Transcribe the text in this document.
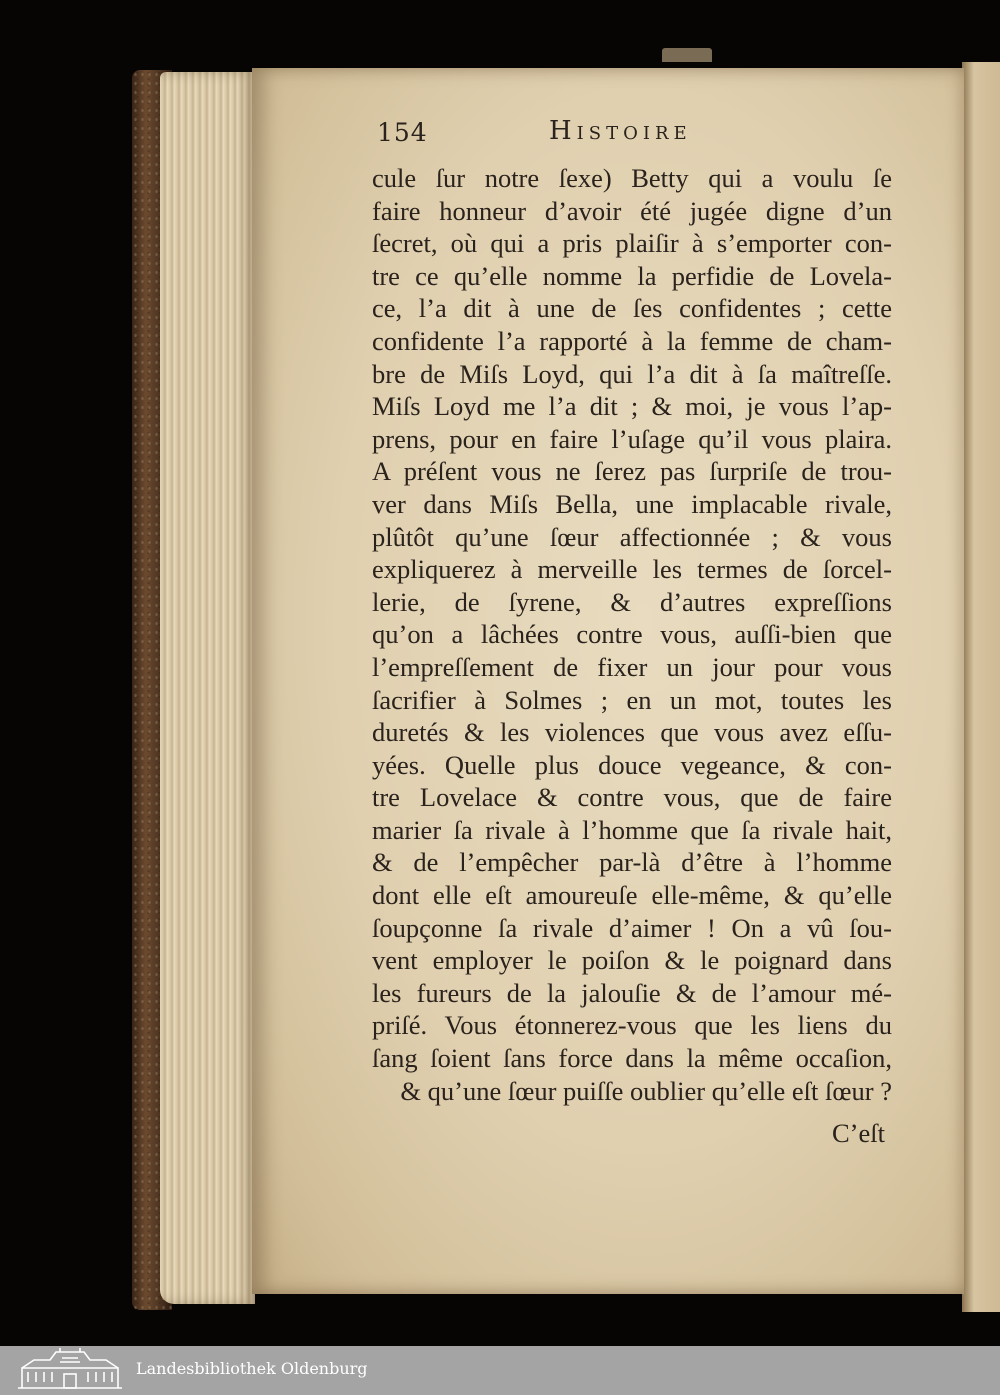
154	Histoire
cule ſur notre ſexe) Betty qui a voulu ſe
faire honneur d’avoir été jugée digne d’un
ſecret, où qui a pris plaiſir à s’emporter con-
tre ce qu’elle nomme la perfidie de Lovela-
ce, l’a dit à une de ſes confidentes ; cette
confidente l’a rapporté à la femme de cham-
bre de Miſs Loyd, qui l’a dit à ſa maîtreſſe.
Miſs Loyd me l’a dit ; & moi, je vous l’ap-
prens, pour en faire l’uſage qu’il vous plaira.
A préſent vous ne ſerez pas ſurpriſe de trou-
ver dans Miſs Bella, une implacable rivale,
plûtôt qu’une ſœur affectionnée ; & vous
expliquerez à merveille les termes de ſorcel-
lerie, de ſyrene, & d’autres expreſſions
qu’on a lâchées contre vous, auſſi-bien que
l’empreſſement de fixer un jour pour vous
ſacrifier à Solmes ; en un mot, toutes les
duretés & les violences que vous avez eſſu-
yées. Quelle plus douce vegeance, & con-
tre Lovelace & contre vous, que de faire
marier ſa rivale à l’homme que ſa rivale hait,
& de l’empêcher par-là d’être à l’homme
dont elle eſt amoureuſe elle-même, & qu’elle
ſoupçonne ſa rivale d’aimer ! On a vû ſou-
vent employer le poiſon & le poignard dans
les fureurs de la jalouſie & de l’amour mé-
priſé. Vous étonnerez-vous que les liens du
ſang ſoient ſans force dans la même occaſion,
& qu’une ſœur puiſſe oublier qu’elle eſt ſœur ?
C’eſt
Landesbibliothek Oldenburg
